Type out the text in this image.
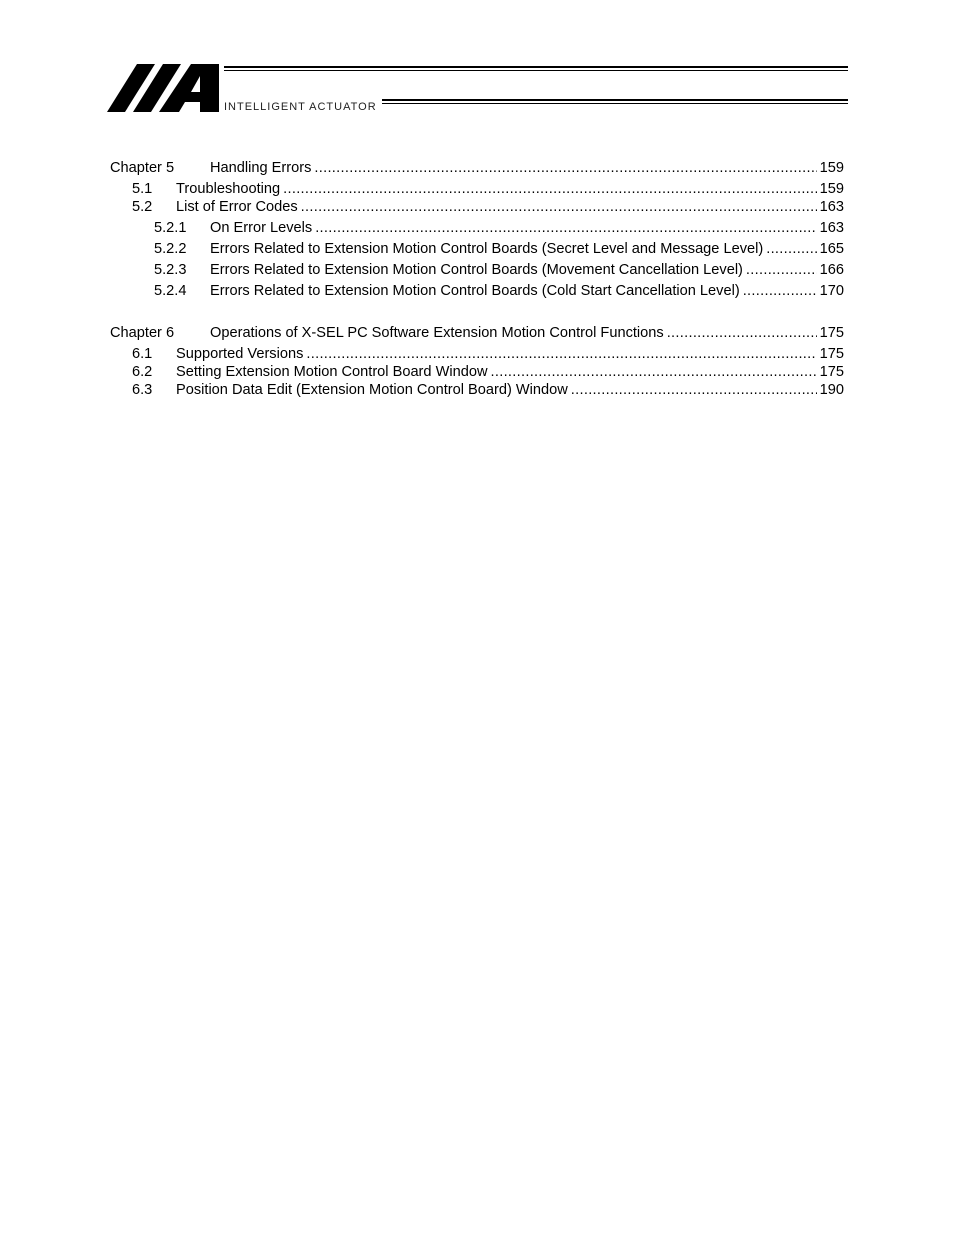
INTELLIGENT ACTUATOR
Chapter 5 Handling Errors .....	159
5.1 Troubleshooting .....	159
5.2 List of Error Codes .....	163
5.2.1 On Error Levels .....	163
5.2.2 Errors Related to Extension Motion Control Boards (Secret Level and Message Level) .....	165
5.2.3 Errors Related to Extension Motion Control Boards (Movement Cancellation Level) .....	166
5.2.4 Errors Related to Extension Motion Control Boards (Cold Start Cancellation Level) .....	170
Chapter 6 Operations of X-SEL PC Software Extension Motion Control Functions .....	175
6.1 Supported Versions .....	175
6.2 Setting Extension Motion Control Board Window .....	175
6.3 Position Data Edit (Extension Motion Control Board) Window .....	190
